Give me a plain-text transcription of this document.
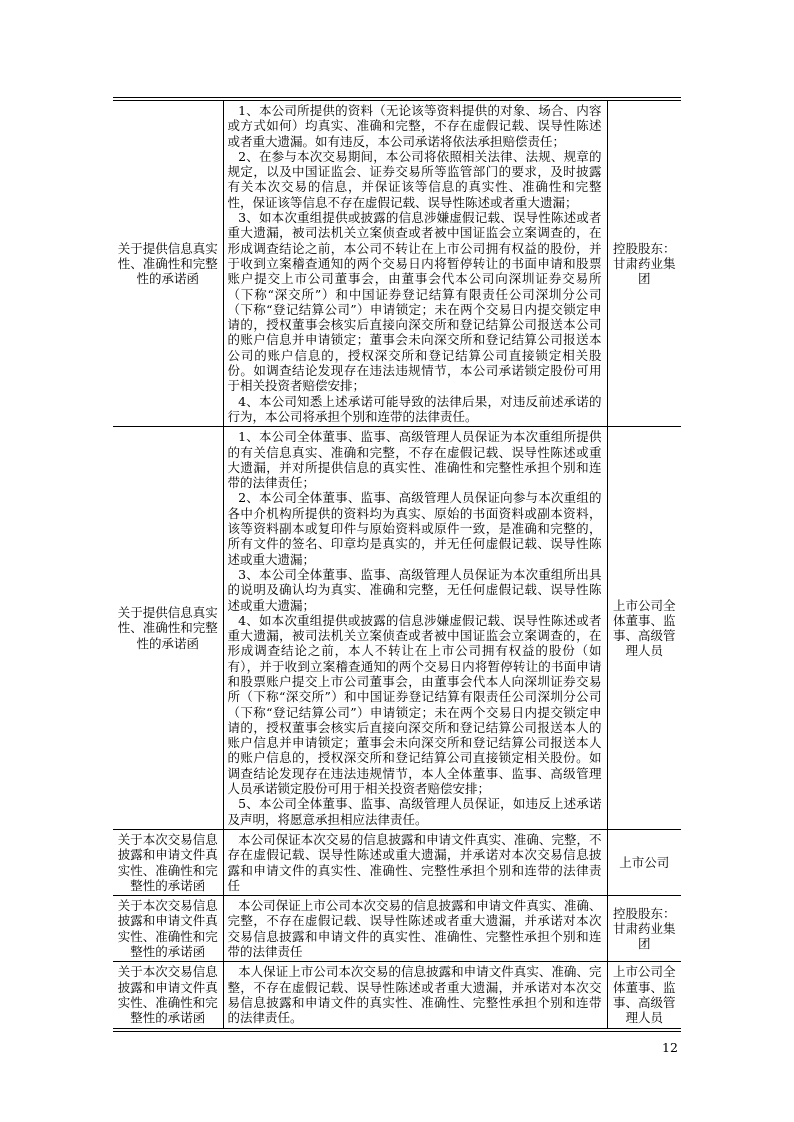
关于提供信息真实性、准确性和完整性的承诺函	1、本公司所提供的资料（无论该等资料提供的对象、场合、内容或方式如何）均真实、准确和完整，不存在虚假记载、误导性陈述或者重大遗漏。如有违反，本公司承诺将依法承担赔偿责任；

2、在参与本次交易期间，本公司将依照相关法律、法规、规章的规定，以及中国证监会、证券交易所等监管部门的要求，及时披露有关本次交易的信息，并保证该等信息的真实性、准确性和完整性，保证该等信息不存在虚假记载、误导性陈述或者重大遗漏；

3、如本次重组提供或披露的信息涉嫌虚假记载、误导性陈述或者重大遗漏，被司法机关立案侦查或者被中国证监会立案调查的，在形成调查结论之前，本公司不转让在上市公司拥有权益的股份，并于收到立案稽查通知的两个交易日内将暂停转让的书面申请和股票账户提交上市公司董事会，由董事会代本公司向深圳证券交易所（下称“深交所”）和中国证券登记结算有限责任公司深圳分公司（下称“登记结算公司”）申请锁定；未在两个交易日内提交锁定申请的，授权董事会核实后直接向深交所和登记结算公司报送本公司的账户信息并申请锁定；董事会未向深交所和登记结算公司报送本公司的账户信息的，授权深交所和登记结算公司直接锁定相关股份。如调查结论发现存在违法违规情节，本公司承诺锁定股份可用于相关投资者赔偿安排；

4、本公司知悉上述承诺可能导致的法律后果，对违反前述承诺的行为，本公司将承担个别和连带的法律责任。	控股股东：甘肃药业集团
关于提供信息真实性、准确性和完整性的承诺函	1、本公司全体董事、监事、高级管理人员保证为本次重组所提供的有关信息真实、准确和完整，不存在虚假记载、误导性陈述或重大遗漏，并对所提供信息的真实性、准确性和完整性承担个别和连带的法律责任；

2、本公司全体董事、监事、高级管理人员保证向参与本次重组的各中介机构所提供的资料均为真实、原始的书面资料或副本资料，该等资料副本或复印件与原始资料或原件一致，是准确和完整的，所有文件的签名、印章均是真实的，并无任何虚假记载、误导性陈述或重大遗漏；

3、本公司全体董事、监事、高级管理人员保证为本次重组所出具的说明及确认均为真实、准确和完整，无任何虚假记载、误导性陈述或重大遗漏；

4、如本次重组提供或披露的信息涉嫌虚假记载、误导性陈述或者重大遗漏，被司法机关立案侦查或者被中国证监会立案调查的，在形成调查结论之前，本人不转让在上市公司拥有权益的股份（如有），并于收到立案稽查通知的两个交易日内将暂停转让的书面申请和股票账户提交上市公司董事会，由董事会代本人向深圳证券交易所（下称“深交所”）和中国证券登记结算有限责任公司深圳分公司（下称“登记结算公司”）申请锁定；未在两个交易日内提交锁定申请的，授权董事会核实后直接向深交所和登记结算公司报送本人的账户信息并申请锁定；董事会未向深交所和登记结算公司报送本人的账户信息的，授权深交所和登记结算公司直接锁定相关股份。如调查结论发现存在违法违规情节，本人全体董事、监事、高级管理人员承诺锁定股份可用于相关投资者赔偿安排；

5、本公司全体董事、监事、高级管理人员保证，如违反上述承诺及声明，将愿意承担相应法律责任。	上市公司全体董事、监事、高级管理人员
关于本次交易信息披露和申请文件真实性、准确性和完整性的承诺函	本公司保证本次交易的信息披露和申请文件真实、准确、完整，不存在虚假记载、误导性陈述或重大遗漏，并承诺对本次交易信息披露和申请文件的真实性、准确性、完整性承担个别和连带的法律责任	上市公司
关于本次交易信息披露和申请文件真实性、准确性和完整性的承诺函	本公司保证上市公司本次交易的信息披露和申请文件真实、准确、完整，不存在虚假记载、误导性陈述或者重大遗漏，并承诺对本次交易信息披露和申请文件的真实性、准确性、完整性承担个别和连带的法律责任	控股股东：甘肃药业集团
关于本次交易信息披露和申请文件真实性、准确性和完整性的承诺函	本人保证上市公司本次交易的信息披露和申请文件真实、准确、完整，不存在虚假记载、误导性陈述或者重大遗漏，并承诺对本次交易信息披露和申请文件的真实性、准确性、完整性承担个别和连带的法律责任。	上市公司全体董事、监事、高级管理人员
12
